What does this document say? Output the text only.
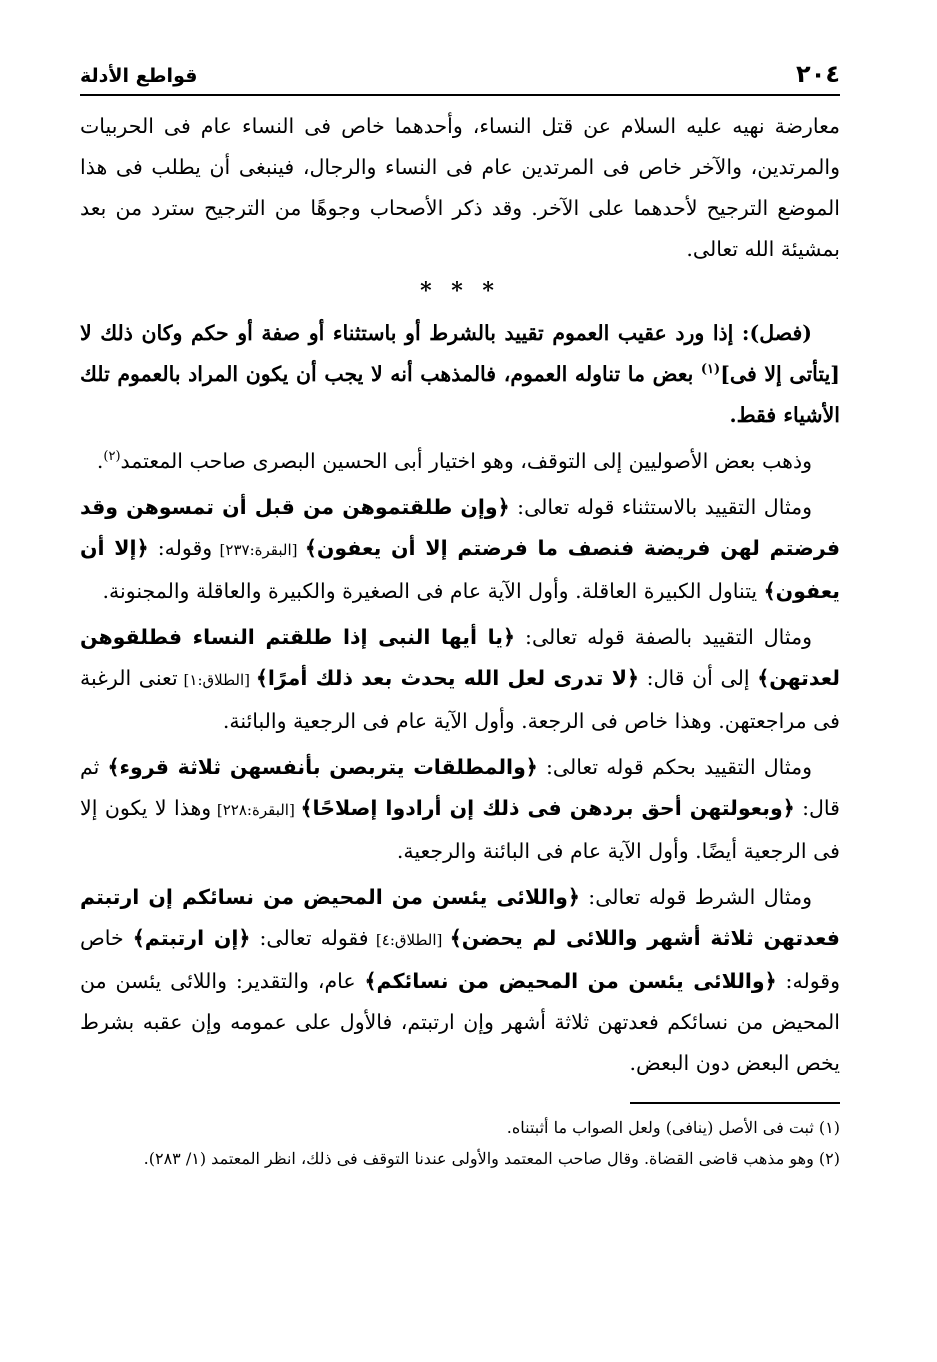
٢٠٤
قواطع الأدلة

معارضة نهيه عليه السلام عن قتل النساء، وأحدهما خاص فى النساء عام فى الحربيات والمرتدين، والآخر خاص فى المرتدين عام فى النساء والرجال، فينبغى أن يطلب فى هذا الموضع الترجيح لأحدهما على الآخر. وقد ذكر الأصحاب وجوهًا من الترجيح سترد من بعد بمشيئة الله تعالى.

* * *

(فصل): إذا ورد عقيب العموم تقييد بالشرط أو باستثناء أو صفة أو حكم وكان ذلك لا [يتأتى إلا فى]$^{(١)}$ بعض ما تناوله العموم، فالمذهب أنه لا يجب أن يكون المراد بالعموم تلك الأشياء فقط.

وذهب بعض الأصوليين إلى التوقف، وهو اختيار أبى الحسين البصرى صاحب المعتمد$^{(٢)}$.

ومثال التقييد بالاستثناء قوله تعالى: ﴿وإن طلقتموهن من قبل أن تمسوهن وقد فرضتم لهن فريضة فنصف ما فرضتم إلا أن يعفون﴾ [البقرة:٢٣٧] وقوله: ﴿إلا أن يعفون﴾ يتناول الكبيرة العاقلة. وأول الآية عام فى الصغيرة والكبيرة والعاقلة والمجنونة.

ومثال التقييد بالصفة قوله تعالى: ﴿يا أيها النبى إذا طلقتم النساء فطلقوهن لعدتهن﴾ إلى أن قال: ﴿لا تدرى لعل الله يحدث بعد ذلك أمرًا﴾ [الطلاق:١] تعنى الرغبة فى مراجعتهن. وهذا خاص فى الرجعة. وأول الآية عام فى الرجعية والبائنة.

ومثال التقييد بحكم قوله تعالى: ﴿والمطلقات يتربصن بأنفسهن ثلاثة قروء﴾ ثم قال: ﴿وبعولتهن أحق بردهن فى ذلك إن أرادوا إصلاحًا﴾ [البقرة:٢٢٨] وهذا لا يكون إلا فى الرجعية أيضًا. وأول الآية عام فى البائنة والرجعية.

ومثال الشرط قوله تعالى: ﴿واللائى يئسن من المحيض من نسائكم إن ارتبتم فعدتهن ثلاثة أشهر واللائى لم يحضن﴾ [الطلاق:٤] فقوله تعالى: ﴿إن ارتبتم﴾ خاص وقوله: ﴿واللائى يئسن من المحيض من نسائكم﴾ عام، والتقدير: واللائى يئسن من المحيض من نسائكم فعدتهن ثلاثة أشهر وإن ارتبتم، فالأول على عمومه وإن عقبه بشرط يخص البعض دون البعض.

(١) ثبت فى الأصل (ينافى) ولعل الصواب ما أثبتناه.

(٢) وهو مذهب قاضى القضاة. وقال صاحب المعتمد والأولى عندنا التوقف فى ذلك، انظر المعتمد (١/ ٢٨٣).
